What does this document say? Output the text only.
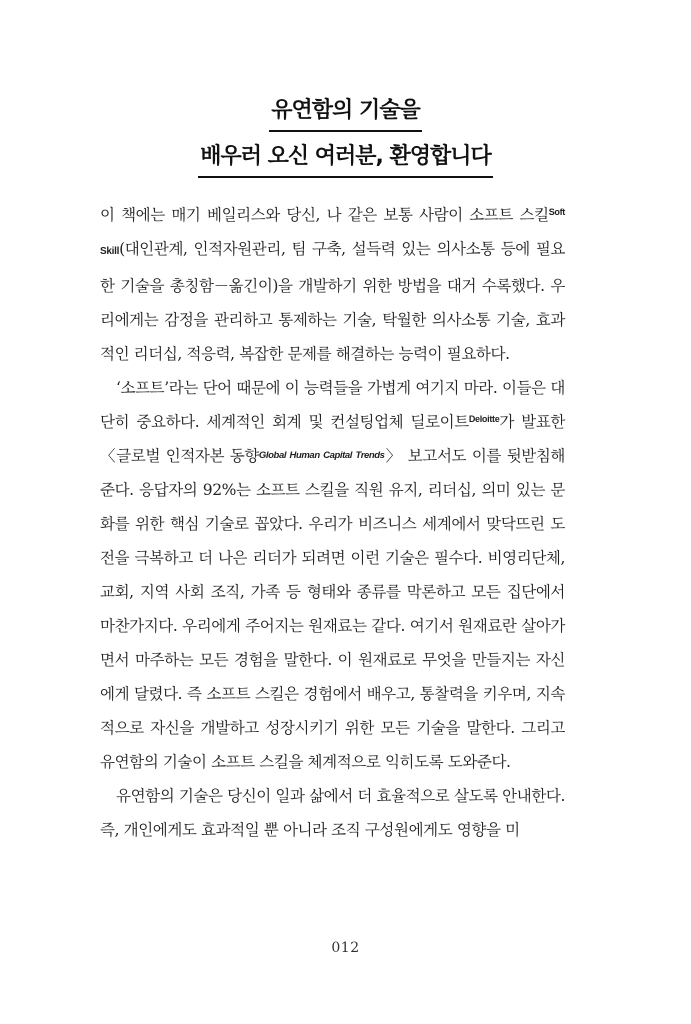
유연함의 기술을
배우러 오신 여러분, 환영합니다

이 책에는 매기 베일리스와 당신, 나 같은 보통 사람이 소프트 스킬$^{Soft}$ Skill(대인관계, 인적자원관리, 팀 구축, 설득력 있는 의사소통 등에 필요한 기술을 총칭함－옮긴이)을 개발하기 위한 방법을 대거 수록했다. 우리에게는 감정을 관리하고 통제하는 기술, 탁월한 의사소통 기술, 효과적인 리더십, 적응력, 복잡한 문제를 해결하는 능력이 필요하다.

‘소프트’라는 단어 때문에 이 능력들을 가볍게 여기지 마라. 이들은 대단히 중요하다. 세계적인 회계 및 컨설팅업체 딜로이트$^{Deloitte}$가 발표한 〈글로벌 인적자본 동향Global Human Capital Trends〉 보고서도 이를 뒷받침해 준다. 응답자의 92%는 소프트 스킬을 직원 유지, 리더십, 의미 있는 문화를 위한 핵심 기술로 꼽았다. 우리가 비즈니스 세계에서 맞닥뜨린 도전을 극복하고 더 나은 리더가 되려면 이런 기술은 필수다. 비영리단체, 교회, 지역 사회 조직, 가족 등 형태와 종류를 막론하고 모든 집단에서 마찬가지다. 우리에게 주어지는 원재료는 같다. 여기서 원재료란 살아가면서 마주하는 모든 경험을 말한다. 이 원재료로 무엇을 만들지는 자신에게 달렸다. 즉 소프트 스킬은 경험에서 배우고, 통찰력을 키우며, 지속적으로 자신을 개발하고 성장시키기 위한 모든 기술을 말한다. 그리고 유연함의 기술이 소프트 스킬을 체계적으로 익히도록 도와준다.

유연함의 기술은 당신이 일과 삶에서 더 효율적으로 살도록 안내한다. 즉, 개인에게도 효과적일 뿐 아니라 조직 구성원에게도 영향을 미

012
